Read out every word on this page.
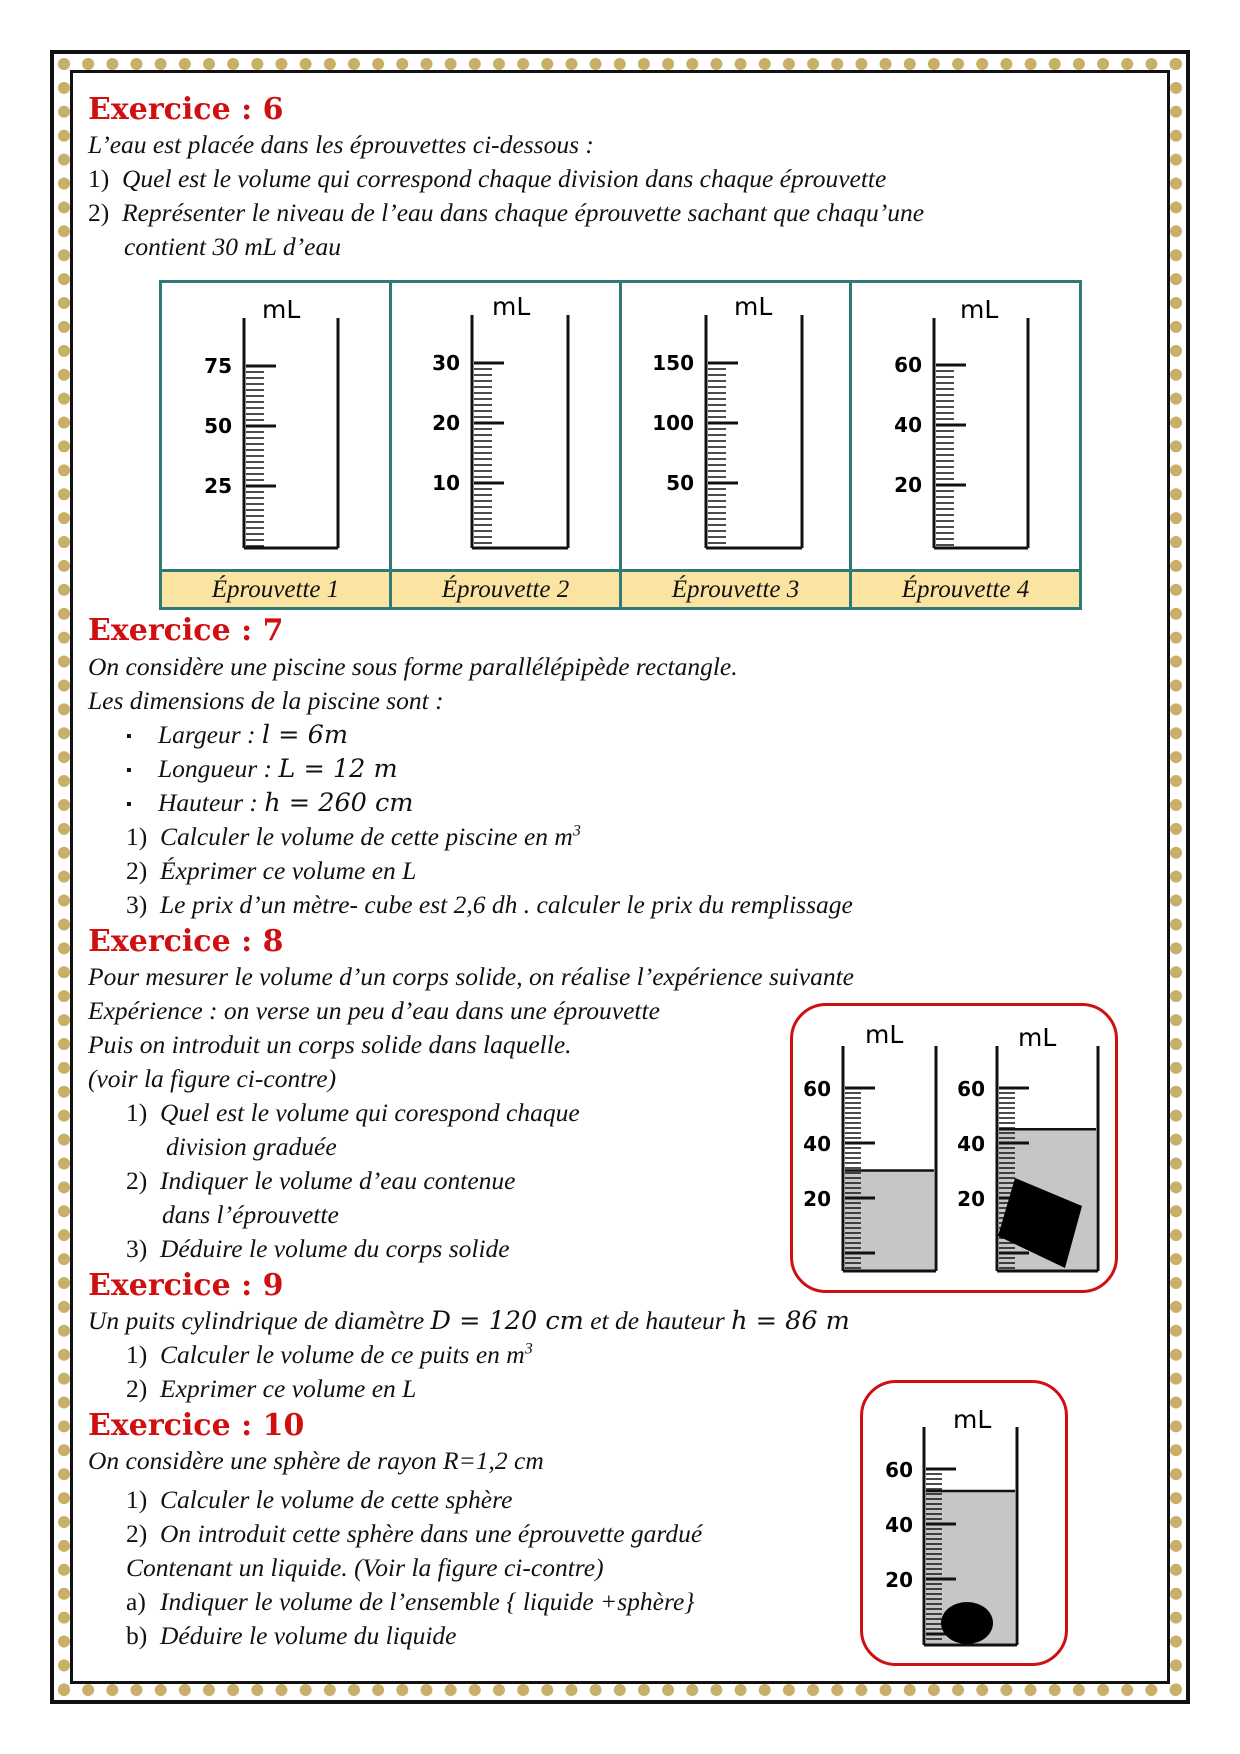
Exercice : 6
L’eau est placée dans les éprouvettes ci-dessous :
1) Quel est le volume qui correspond chaque division dans chaque éprouvette
2) Représenter le niveau de l’eau dans chaque éprouvette sachant que chaqu’une
contient 30 mL d’eau
mL
75
50
25
mL
30
20
10
mL
150
100
50
mL
60
40
20
Éprouvette 1	Éprouvette 2	Éprouvette 3	Éprouvette 4
Exercice : 7
On considère une piscine sous forme parallélépipède rectangle.
Les dimensions de la piscine sont :
▪ Largeur : l = 6m
▪ Longueur : L = 12 m
▪ Hauteur : h = 260 cm
1) Calculer le volume de cette piscine en $m^3$
2) Éxprimer ce volume en L
3) Le prix d’un mètre- cube est 2,6 dh . calculer le prix du remplissage
Exercice : 8
Pour mesurer le volume d’un corps solide, on réalise l’expérience suivante
Expérience : on verse un peu d’eau dans une éprouvette
Puis on introduit un corps solide dans laquelle.
(voir la figure ci-contre)
1) Quel est le volume qui corespond chaque
division graduée
2) Indiquer le volume d’eau contenue
dans l’éprouvette
3) Déduire le volume du corps solide
mL
60
40
20
mL
60
40
20
Exercice : 9
Un puits cylindrique de diamètre D = 120 cm et de hauteur h = 86 m
1) Calculer le volume de ce puits en $m^3$
2) Exprimer ce volume en L
Exercice : 10
On considère une sphère de rayon R=1,2 cm
1) Calculer le volume de cette sphère
2) On introduit cette sphère dans une éprouvette gardué
Contenant un liquide. (Voir la figure ci-contre)
a) Indiquer le volume de l’ensemble { liquide +sphère}
b) Déduire le volume du liquide
mL
60
40
20
